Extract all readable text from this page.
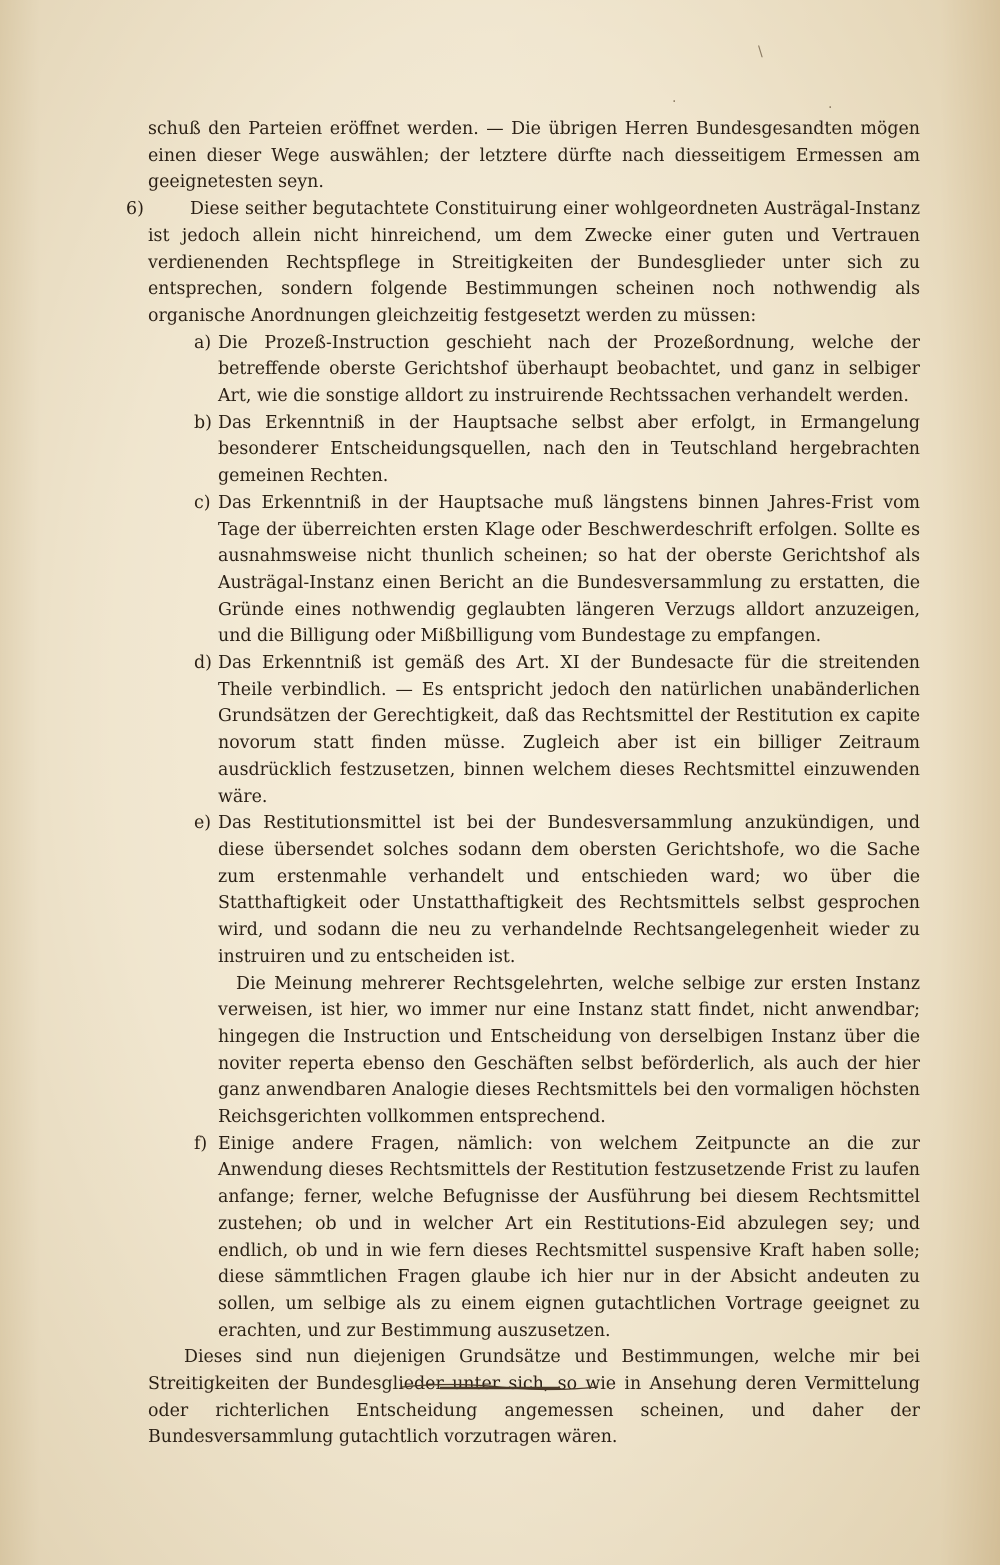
\
·	·

schuß den Parteien eröffnet werden. — Die übrigen Herren Bundesgesandten mögen einen dieser Wege auswählen; der letztere dürfte nach diesseitigem Ermessen am geeignetesten seyn.

6)	Diese seither begutachtete Constituirung einer wohlgeordneten Austrägal-Instanz ist jedoch allein nicht hinreichend, um dem Zwecke einer guten und Vertrauen verdienenden Rechtspflege in Streitigkeiten der Bundesglieder unter sich zu entsprechen, sondern folgende Bestimmungen scheinen noch nothwendig als organische Anordnungen gleichzeitig festgesetzt werden zu müssen:

a) Die Prozeß-Instruction geschieht nach der Prozeßordnung, welche der betreffende oberste Gerichtshof überhaupt beobachtet, und ganz in selbiger Art, wie die sonstige alldort zu instruirende Rechtssachen verhandelt werden.

b) Das Erkenntniß in der Hauptsache selbst aber erfolgt, in Ermangelung besonderer Entscheidungsquellen, nach den in Teutschland hergebrachten gemeinen Rechten.

c) Das Erkenntniß in der Hauptsache muß längstens binnen Jahres-Frist vom Tage der überreichten ersten Klage oder Beschwerdeschrift erfolgen. Sollte es ausnahmsweise nicht thunlich scheinen; so hat der oberste Gerichtshof als Austrägal-Instanz einen Bericht an die Bundesversammlung zu erstatten, die Gründe eines nothwendig geglaubten längeren Verzugs alldort anzuzeigen, und die Billigung oder Mißbilligung vom Bundestage zu empfangen.

d) Das Erkenntniß ist gemäß des Art. XI der Bundesacte für die streitenden Theile verbindlich. — Es entspricht jedoch den natürlichen unabänderlichen Grundsätzen der Gerechtigkeit, daß das Rechtsmittel der Restitution ex capite novorum statt finden müsse. Zugleich aber ist ein billiger Zeitraum ausdrücklich festzusetzen, binnen welchem dieses Rechtsmittel einzuwenden wäre.

e) Das Restitutionsmittel ist bei der Bundesversammlung anzukündigen, und diese übersendet solches sodann dem obersten Gerichtshofe, wo die Sache zum erstenmahle verhandelt und entschieden ward; wo über die Statthaftigkeit oder Unstatthaftigkeit des Rechtsmittels selbst gesprochen wird, und sodann die neu zu verhandelnde Rechtsangelegenheit wieder zu instruiren und zu entscheiden ist.

Die Meinung mehrerer Rechtsgelehrten, welche selbige zur ersten Instanz verweisen, ist hier, wo immer nur eine Instanz statt findet, nicht anwendbar; hingegen die Instruction und Entscheidung von derselbigen Instanz über die noviter reperta ebenso den Geschäften selbst beförderlich, als auch der hier ganz anwendbaren Analogie dieses Rechtsmittels bei den vormaligen höchsten Reichsgerichten vollkommen entsprechend.

f) Einige andere Fragen, nämlich: von welchem Zeitpuncte an die zur Anwendung dieses Rechtsmittels der Restitution festzusetzende Frist zu laufen anfange; ferner, welche Befugnisse der Ausführung bei diesem Rechtsmittel zustehen; ob und in welcher Art ein Restitutions-Eid abzulegen sey; und endlich, ob und in wie fern dieses Rechtsmittel suspensive Kraft haben solle; diese sämmtlichen Fragen glaube ich hier nur in der Absicht andeuten zu sollen, um selbige als zu einem eignen gutachtlichen Vortrage geeignet zu erachten, und zur Bestimmung auszusetzen.

Dieses sind nun diejenigen Grundsätze und Bestimmungen, welche mir bei Streitigkeiten der Bundesglieder unter sich, so wie in Ansehung deren Vermittelung oder richterlichen Entscheidung angemessen scheinen, und daher der Bundesversammlung gutachtlich vorzutragen wären.
